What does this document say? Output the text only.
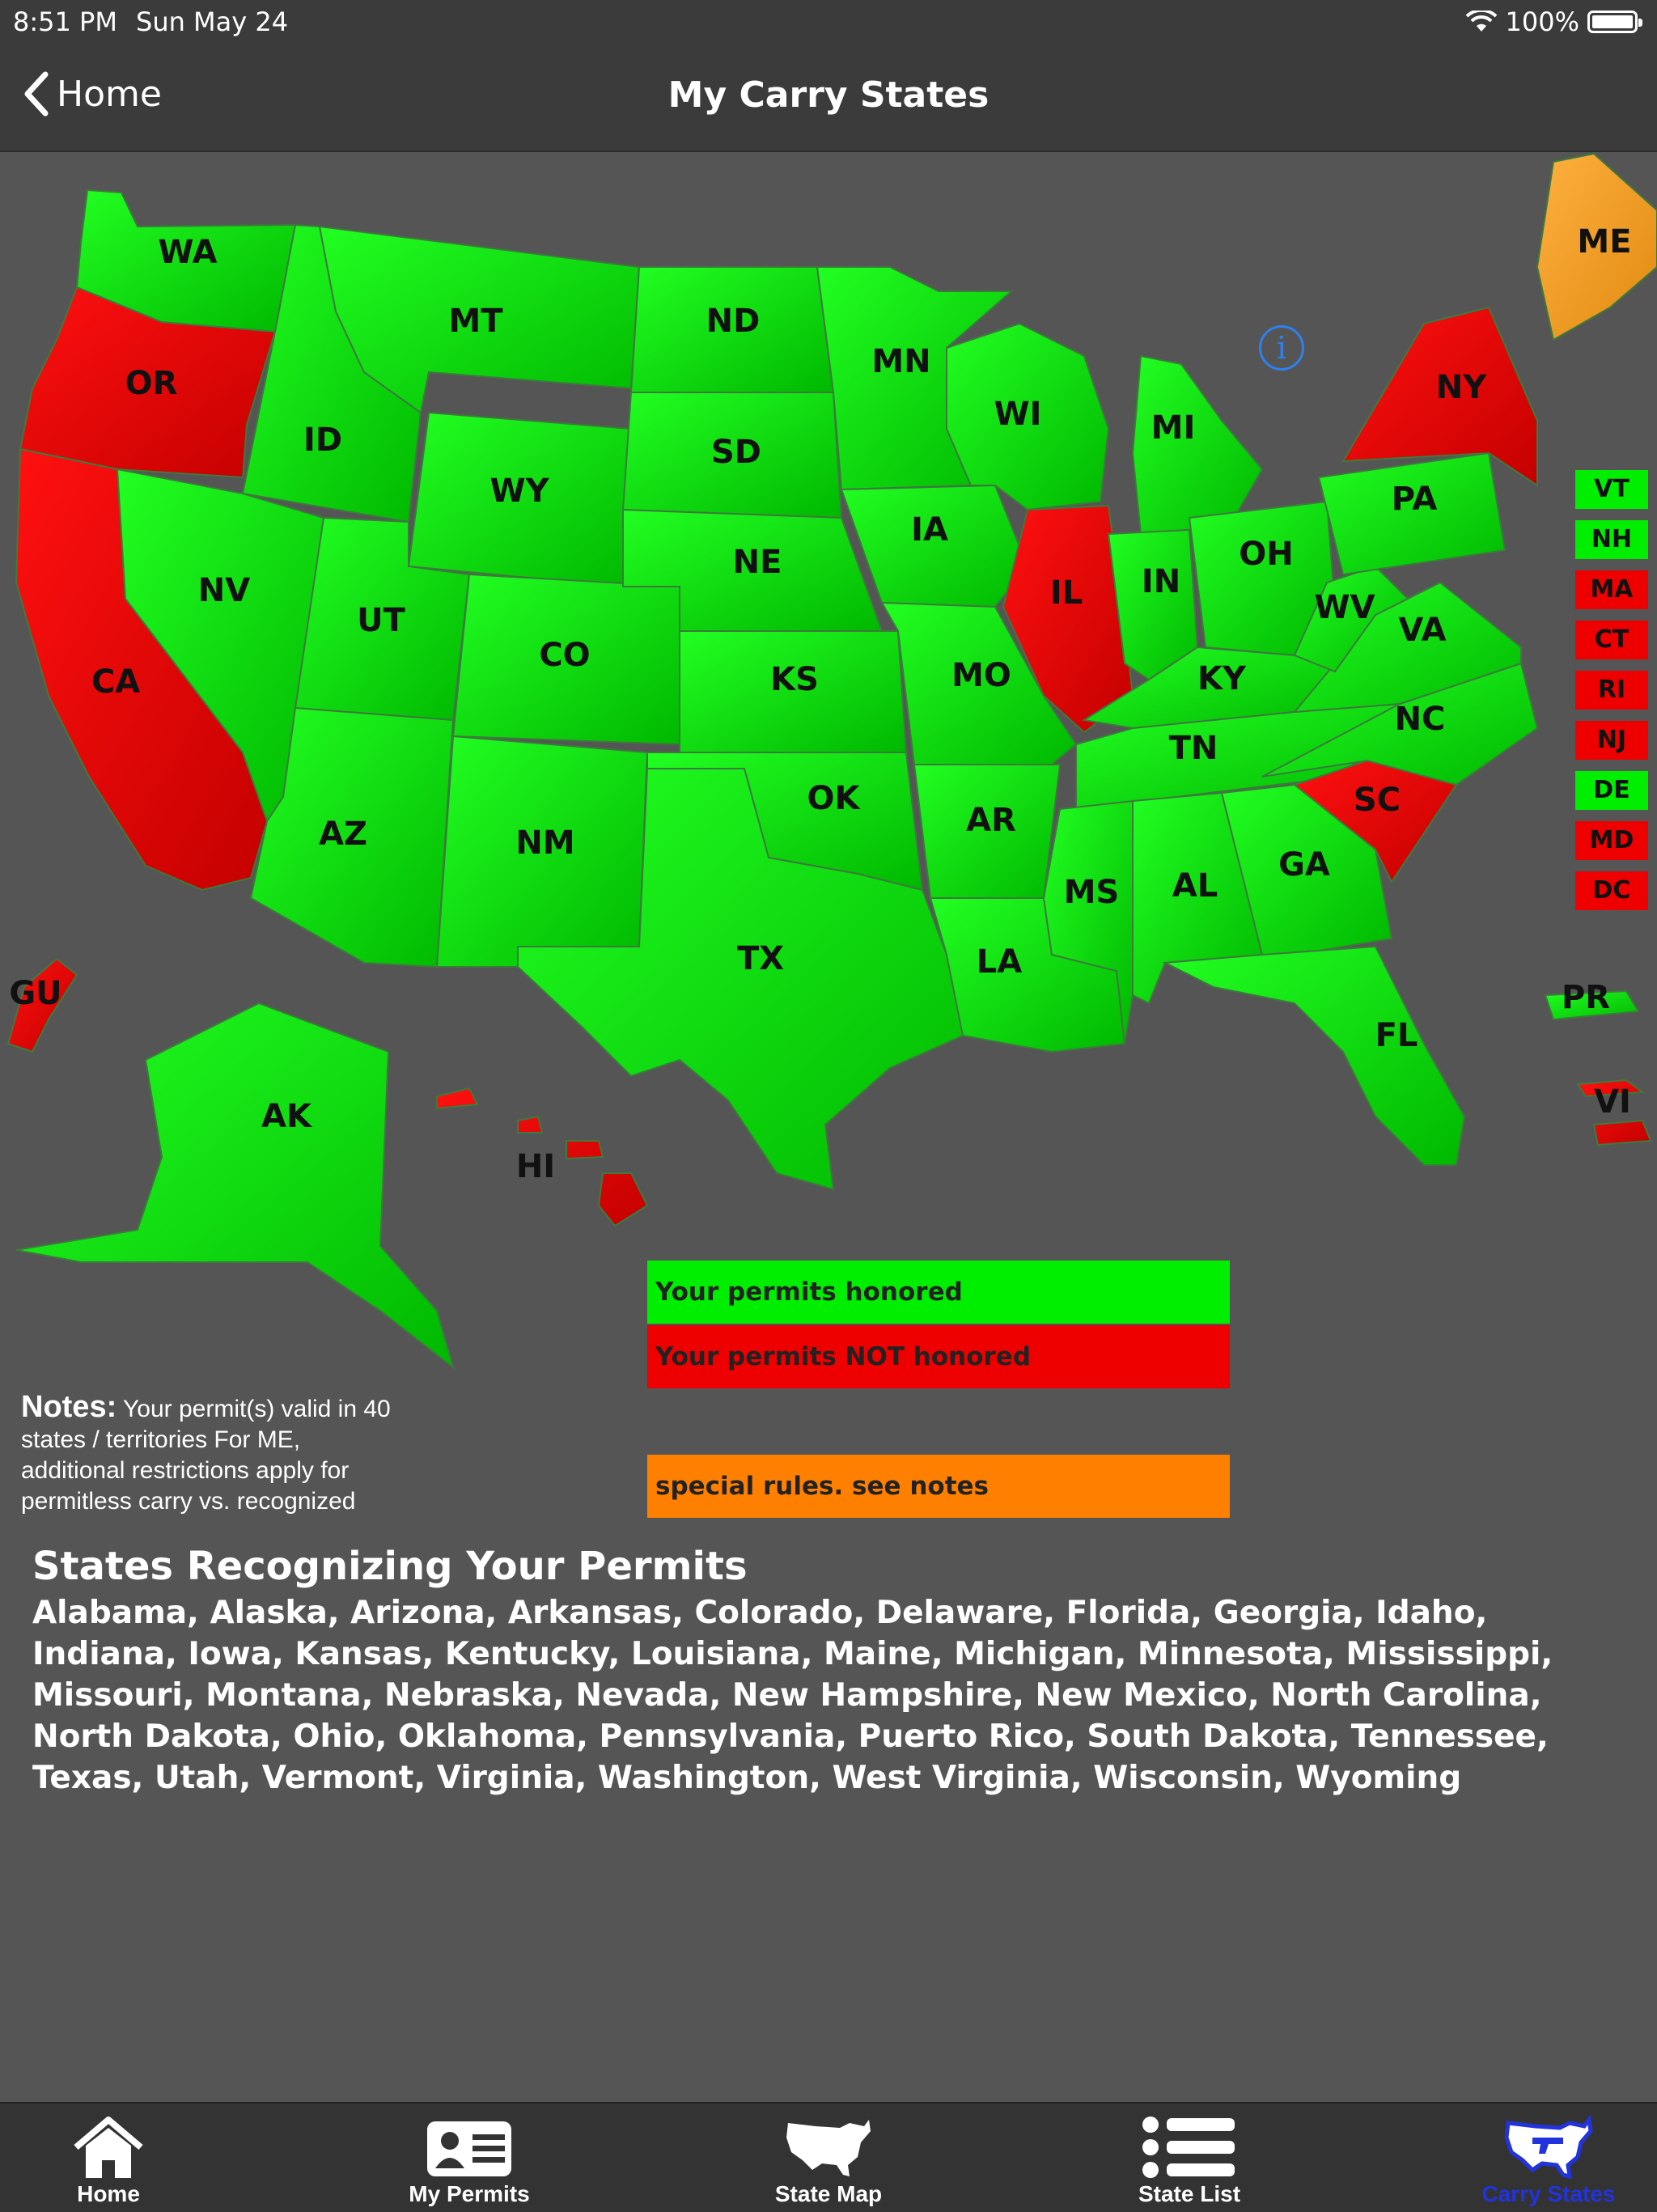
8:51 PM Sun May 24	100%
Home	My Carry States
WA
OR
CA
ID
NV
MT
WY
UT
AZ
CO
NM
ND
SD
NE
KS
OK
TX
MN
IA
MO
AR
LA
WI
IL
MI
IN
OH
KY
TN
MS AL
GA
FL
SC
NC
VA
WV
PA
NY
ME
AK
HI
GU	PR
VI
i
VT
NH
MA
CT
RI
NJ
DE
MD
DC
Your permits honored
Your permits NOT honored
special rules. see notes
Notes: Your permit(s) valid in 40 states / territories For ME, additional restrictions apply for permitless carry vs. recognized
States Recognizing Your Permits
Alabama, Alaska, Arizona, Arkansas, Colorado, Delaware, Florida, Georgia, Idaho, Indiana, Iowa, Kansas, Kentucky, Louisiana, Maine, Michigan, Minnesota, Mississippi, Missouri, Montana, Nebraska, Nevada, New Hampshire, New Mexico, North Carolina, North Dakota, Ohio, Oklahoma, Pennsylvania, Puerto Rico, South Dakota, Tennessee, Texas, Utah, Vermont, Virginia, Washington, West Virginia, Wisconsin, Wyoming
Home	My Permits	State Map	State List	Carry States
